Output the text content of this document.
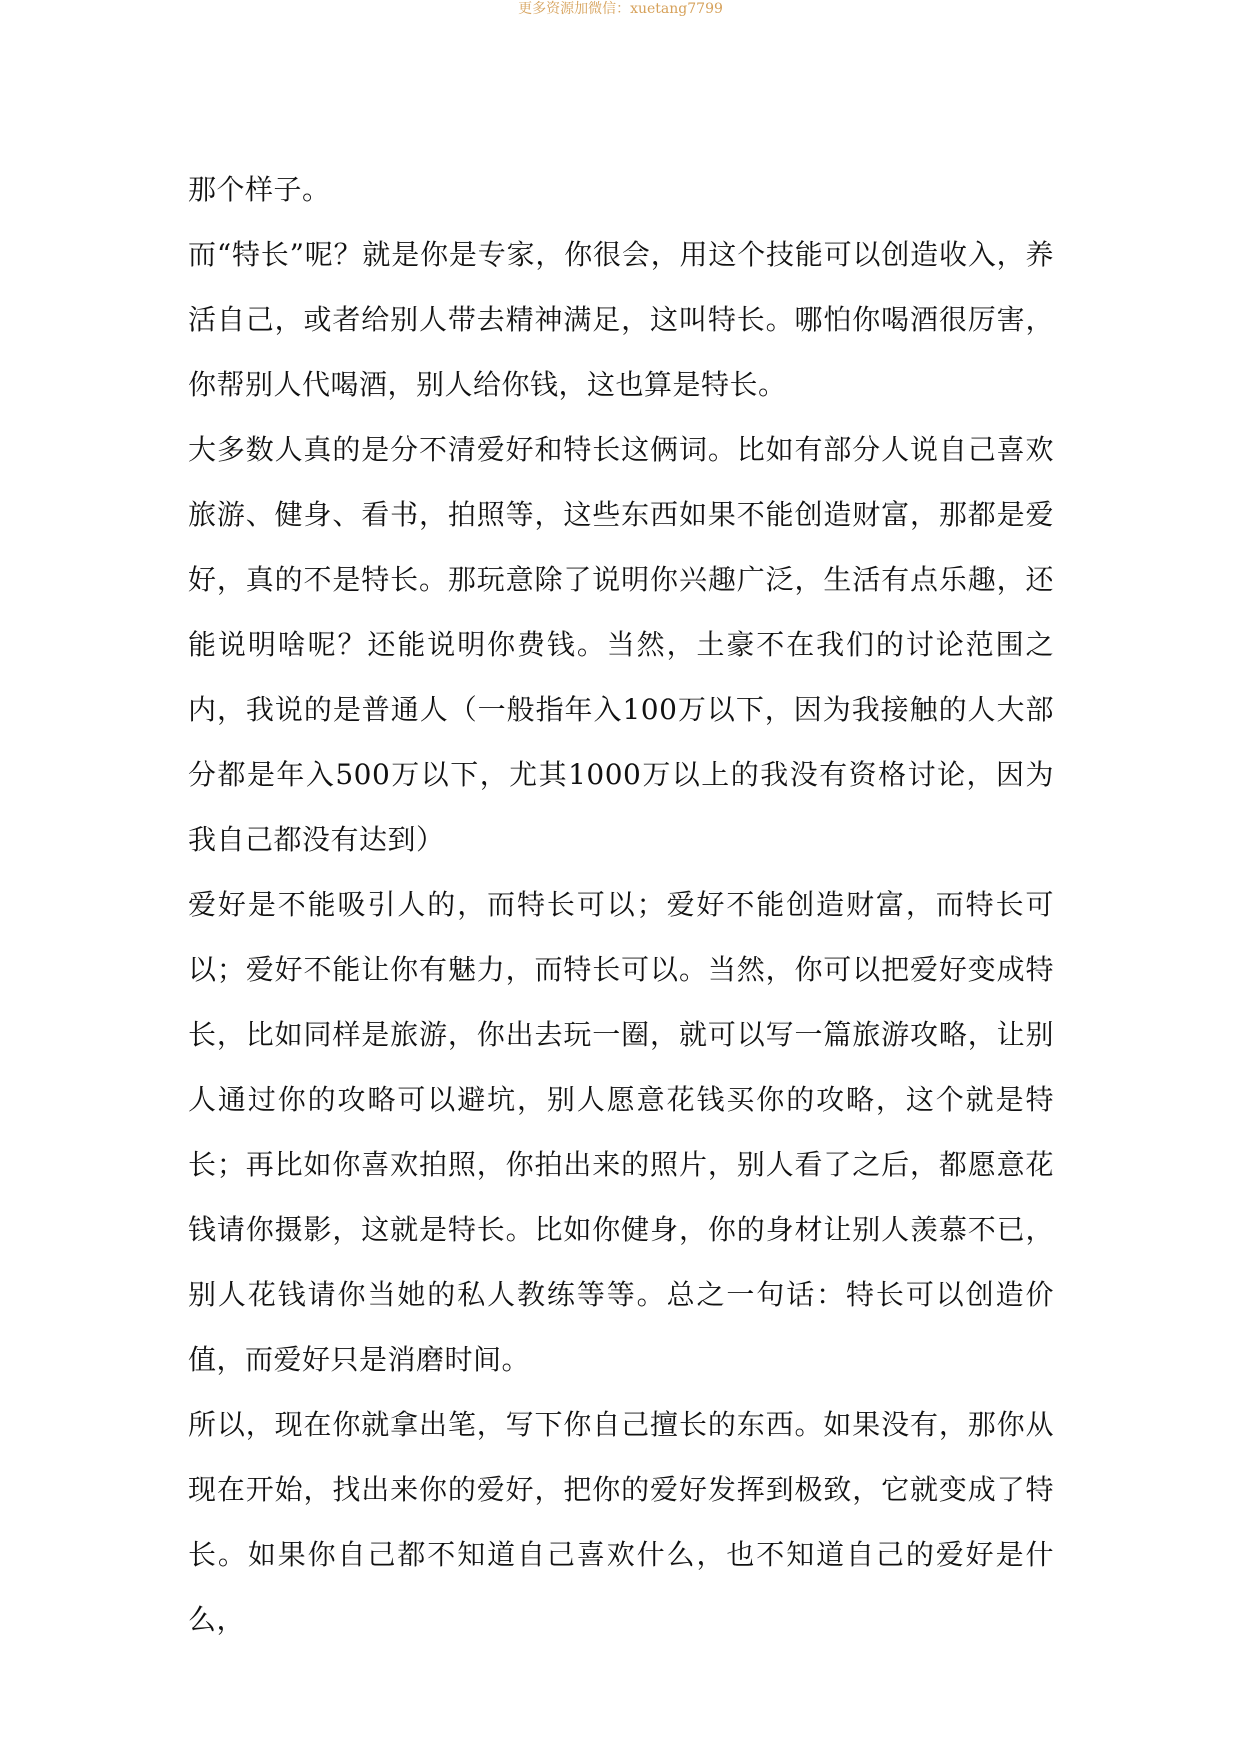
更多资源加微信：xuetang7799

那个样子。

而“特长”呢？就是你是专家，你很会，用这个技能可以创造收入，养活自己，或者给别人带去精神满足，这叫特长。哪怕你喝酒很厉害，你帮别人代喝酒，别人给你钱，这也算是特长。

大多数人真的是分不清爱好和特长这俩词。比如有部分人说自己喜欢旅游、健身、看书，拍照等，这些东西如果不能创造财富，那都是爱好，真的不是特长。那玩意除了说明你兴趣广泛，生活有点乐趣，还能说明啥呢？还能说明你费钱。当然，土豪不在我们的讨论范围之内，我说的是普通人（一般指年入100万以下，因为我接触的人大部分都是年入500万以下，尤其1000万以上的我没有资格讨论，因为我自己都没有达到）

爱好是不能吸引人的，而特长可以；爱好不能创造财富，而特长可以；爱好不能让你有魅力，而特长可以。当然，你可以把爱好变成特长，比如同样是旅游，你出去玩一圈，就可以写一篇旅游攻略，让别人通过你的攻略可以避坑，别人愿意花钱买你的攻略，这个就是特长；再比如你喜欢拍照，你拍出来的照片，别人看了之后，都愿意花钱请你摄影，这就是特长。比如你健身，你的身材让别人羡慕不已，别人花钱请你当她的私人教练等等。总之一句话：特长可以创造价值，而爱好只是消磨时间。

所以，现在你就拿出笔，写下你自己擅长的东西。如果没有，那你从现在开始，找出来你的爱好，把你的爱好发挥到极致，它就变成了特长。如果你自己都不知道自己喜欢什么，也不知道自己的爱好是什么，
